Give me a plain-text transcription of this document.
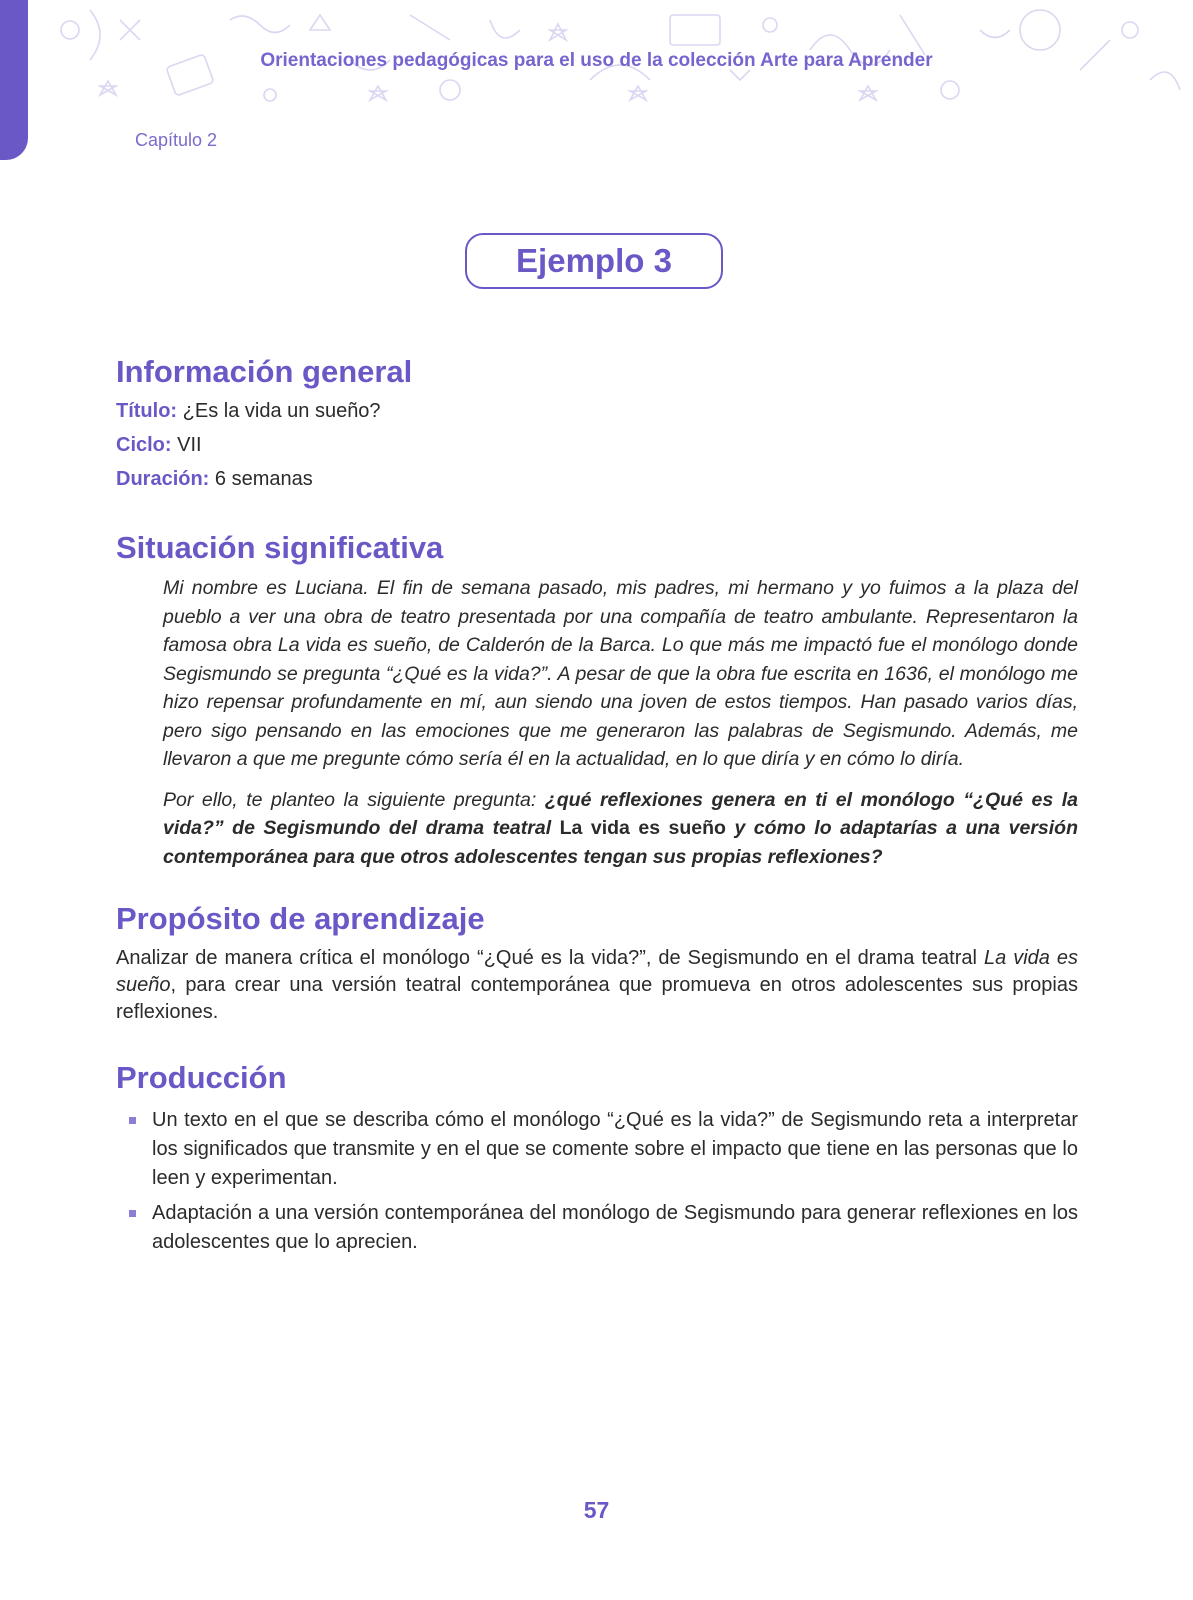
Orientaciones pedagógicas para el uso de la colección Arte para Aprender
Capítulo 2
Ejemplo 3
Información general
Título: ¿Es la vida un sueño?
Ciclo: VII
Duración: 6 semanas
Situación significativa

Mi nombre es Luciana. El fin de semana pasado, mis padres, mi hermano y yo fuimos a la plaza del pueblo a ver una obra de teatro presentada por una compañía de teatro ambulante. Representaron la famosa obra La vida es sueño, de Calderón de la Barca. Lo que más me impactó fue el monólogo donde Segismundo se pregunta “¿Qué es la vida?”. A pesar de que la obra fue escrita en 1636, el monólogo me hizo repensar profundamente en mí, aun siendo una joven de estos tiempos. Han pasado varios días, pero sigo pensando en las emociones que me generaron las palabras de Segismundo. Además, me llevaron a que me pregunte cómo sería él en la actualidad, en lo que diría y en cómo lo diría.

Por ello, te planteo la siguiente pregunta: ¿qué reflexiones genera en ti el monólogo “¿Qué es la vida?” de Segismundo del drama teatral La vida es sueño y cómo lo adaptarías a una versión contemporánea para que otros adolescentes tengan sus propias reflexiones?

Propósito de aprendizaje

Analizar de manera crítica el monólogo “¿Qué es la vida?”, de Segismundo en el drama teatral La vida es sueño, para crear una versión teatral contemporánea que promueva en otros adolescentes sus propias reflexiones.

Producción
Un texto en el que se describa cómo el monólogo “¿Qué es la vida?” de Segismundo reta a interpretar los significados que transmite y en el que se comente sobre el impacto que tiene en las personas que lo leen y experimentan.
Adaptación a una versión contemporánea del monólogo de Segismundo para generar reflexiones en los adolescentes que lo aprecien.
57
